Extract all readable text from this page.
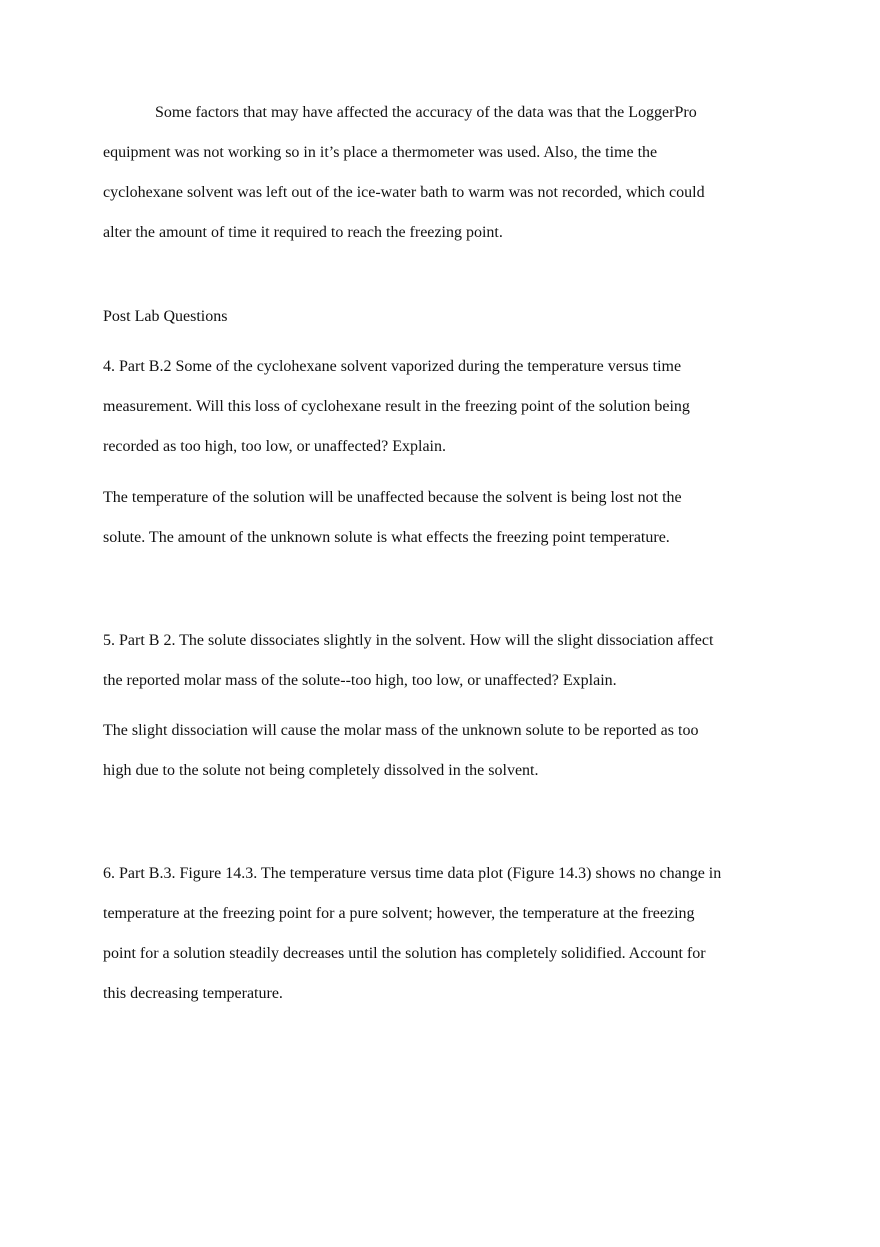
Some factors that may have affected the accuracy of the data was that the LoggerPro
equipment was not working so in it’s place a thermometer was used. Also, the time the
cyclohexane solvent was left out of the ice-water bath to warm was not recorded, which could
alter the amount of time it required to reach the freezing point.
Post Lab Questions
4. Part B.2 Some of the cyclohexane solvent vaporized during the temperature versus time
measurement. Will this loss of cyclohexane result in the freezing point of the solution being
recorded as too high, too low, or unaffected? Explain.
The temperature of the solution will be unaffected because the solvent is being lost not the
solute. The amount of the unknown solute is what effects the freezing point temperature.
5. Part B 2. The solute dissociates slightly in the solvent. How will the slight dissociation affect
the reported molar mass of the solute--too high, too low, or unaffected? Explain.
The slight dissociation will cause the molar mass of the unknown solute to be reported as too
high due to the solute not being completely dissolved in the solvent.
6. Part B.3. Figure 14.3. The temperature versus time data plot (Figure 14.3) shows no change in
temperature at the freezing point for a pure solvent; however, the temperature at the freezing
point for a solution steadily decreases until the solution has completely solidified. Account for
this decreasing temperature.
